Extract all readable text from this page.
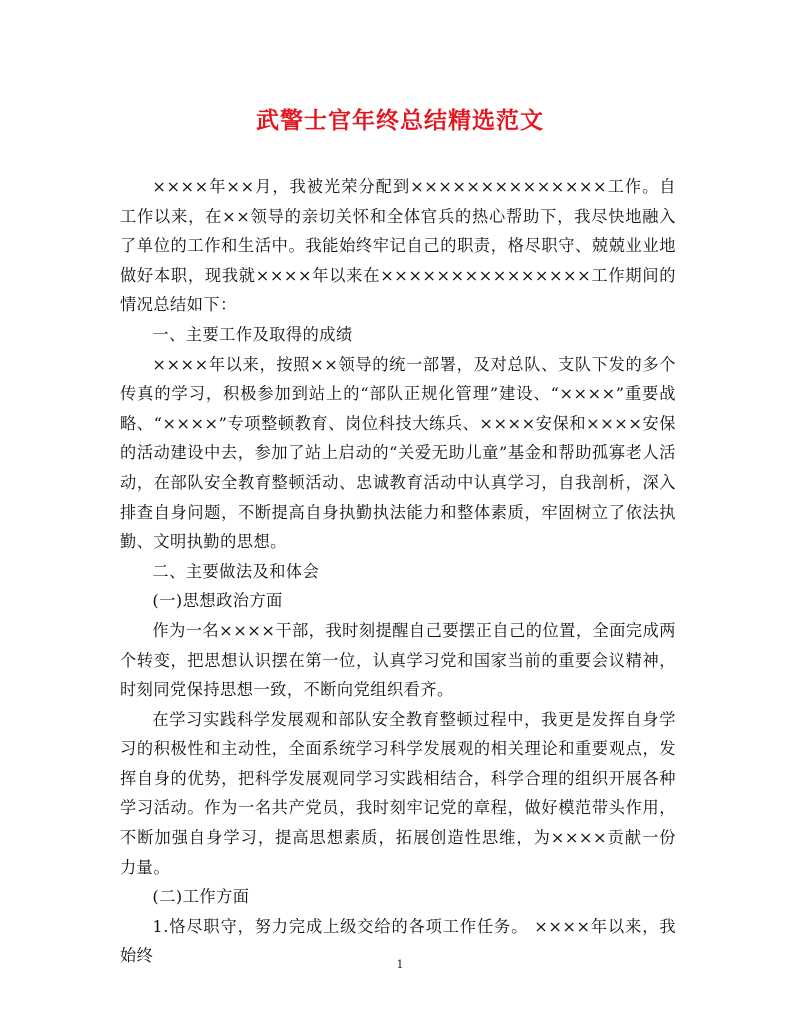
武警士官年终总结精选范文

××××年××月，我被光荣分配到××××××××××××××工作。自工作以来，在××领导的亲切关怀和全体官兵的热心帮助下，我尽快地融入了单位的工作和生活中。我能始终牢记自己的职责，格尽职守、兢兢业业地做好本职，现我就××××年以来在×××××××××××××××工作期间的情况总结如下：

一、主要工作及取得的成绩

××××年以来，按照××领导的统一部署，及对总队、支队下发的多个传真的学习，积极参加到站上的“部队正规化管理”建设、“××××”重要战略、“××××”专项整顿教育、岗位科技大练兵、××××安保和××××安保的活动建设中去，参加了站上启动的“关爱无助儿童”基金和帮助孤寡老人活动，在部队安全教育整顿活动、忠诚教育活动中认真学习，自我剖析，深入排查自身问题，不断提高自身执勤执法能力和整体素质，牢固树立了依法执勤、文明执勤的思想。

二、主要做法及和体会

(一)思想政治方面

作为一名××××干部，我时刻提醒自己要摆正自己的位置，全面完成两个转变，把思想认识摆在第一位，认真学习党和国家当前的重要会议精神，时刻同党保持思想一致，不断向党组织看齐。

在学习实践科学发展观和部队安全教育整顿过程中，我更是发挥自身学习的积极性和主动性，全面系统学习科学发展观的相关理论和重要观点，发挥自身的优势，把科学发展观同学习实践相结合，科学合理的组织开展各种学习活动。作为一名共产党员，我时刻牢记党的章程，做好模范带头作用，不断加强自身学习，提高思想素质，拓展创造性思维，为××××贡献一份力量。

(二)工作方面

1.恪尽职守，努力完成上级交给的各项工作任务。 ××××年以来，我始终	1
